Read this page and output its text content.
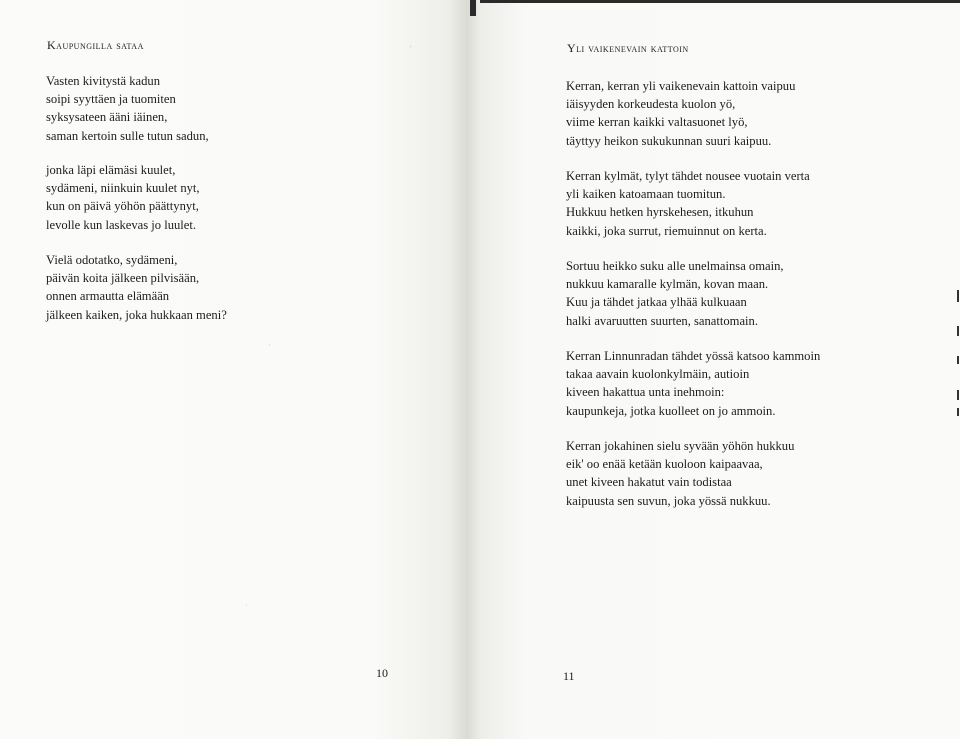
Kaupungilla sataa

Vasten kivitystä kadun
soipi syyttäen ja tuomiten
syksysateen ääni iäinen,
saman kertoin sulle tutun sadun,

jonka läpi elämäsi kuulet,
sydämeni, niinkuin kuulet nyt,
kun on päivä yöhön päättynyt,
levolle kun laskevas jo luulet.

Vielä odotatko, sydämeni,
päivän koita jälkeen pilvisään,
onnen armautta elämään
jälkeen kaiken, joka hukkaan meni?

'
·
·
10
Yli vaikenevain kattoin

Kerran, kerran yli vaikenevain kattoin vaipuu
iäisyyden korkeudesta kuolon yö,
viime kerran kaikki valtasuonet lyö,
täyttyy heikon sukukunnan suuri kaipuu.

Kerran kylmät, tylyt tähdet nousee vuotain verta
yli kaiken katoamaan tuomitun.
Hukkuu hetken hyrskehesen, itkuhun
kaikki, joka surrut, riemuinnut on kerta.

Sortuu heikko suku alle unelmainsa omain,
nukkuu kamaralle kylmän, kovan maan.
Kuu ja tähdet jatkaa ylhää kulkuaan
halki avaruutten suurten, sanattomain.

Kerran Linnunradan tähdet yössä katsoo kammoin
takaa aavain kuolonkylmäin, autioin
kiveen hakattua unta inehmoin:
kaupunkeja, jotka kuolleet on jo ammoin.

Kerran jokahinen sielu syvään yöhön hukkuu
eik' oo enää ketään kuoloon kaipaavaa,
unet kiveen hakatut vain todistaa
kaipuusta sen suvun, joka yössä nukkuu.

11
